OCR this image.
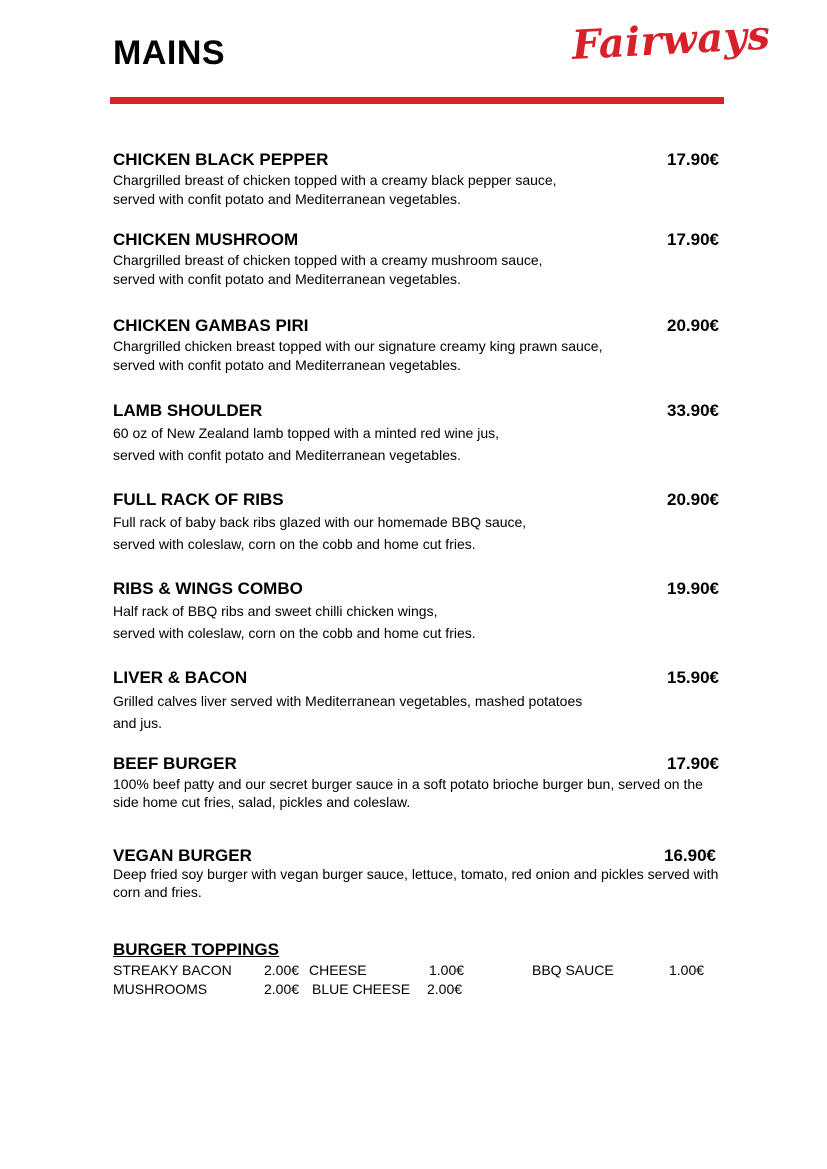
MAINS	Fairways
CHICKEN BLACK PEPPER	17.90€
Chargrilled breast of chicken topped with a creamy black pepper sauce,
served with confit potato and Mediterranean vegetables.
CHICKEN MUSHROOM	17.90€
Chargrilled breast of chicken topped with a creamy mushroom sauce,
served with confit potato and Mediterranean vegetables.
CHICKEN GAMBAS PIRI	20.90€
Chargrilled chicken breast topped with our signature creamy king prawn sauce,
served with confit potato and Mediterranean vegetables.
LAMB SHOULDER	33.90€
60 oz of New Zealand lamb topped with a minted red wine jus,
served with confit potato and Mediterranean vegetables.
FULL RACK OF RIBS	20.90€
Full rack of baby back ribs glazed with our homemade BBQ sauce,
served with coleslaw, corn on the cobb and home cut fries.
RIBS & WINGS COMBO	19.90€
Half rack of BBQ ribs and sweet chilli chicken wings,
served with coleslaw, corn on the cobb and home cut fries.
LIVER & BACON	15.90€
Grilled calves liver served with Mediterranean vegetables, mashed potatoes
and jus.
BEEF BURGER	17.90€
100% beef patty and our secret burger sauce in a soft potato brioche burger bun, served on the
side home cut fries, salad, pickles and coleslaw.
VEGAN BURGER	16.90€
Deep fried soy burger with vegan burger sauce, lettuce, tomato, red onion and pickles served with
corn and fries.
BURGER TOPPINGS
STREAKY BACON 2.00€ CHEESE	1.00€	BBQ SAUCE	1.00€
MUSHROOMS	2.00€ BLUE CHEESE 2.00€
